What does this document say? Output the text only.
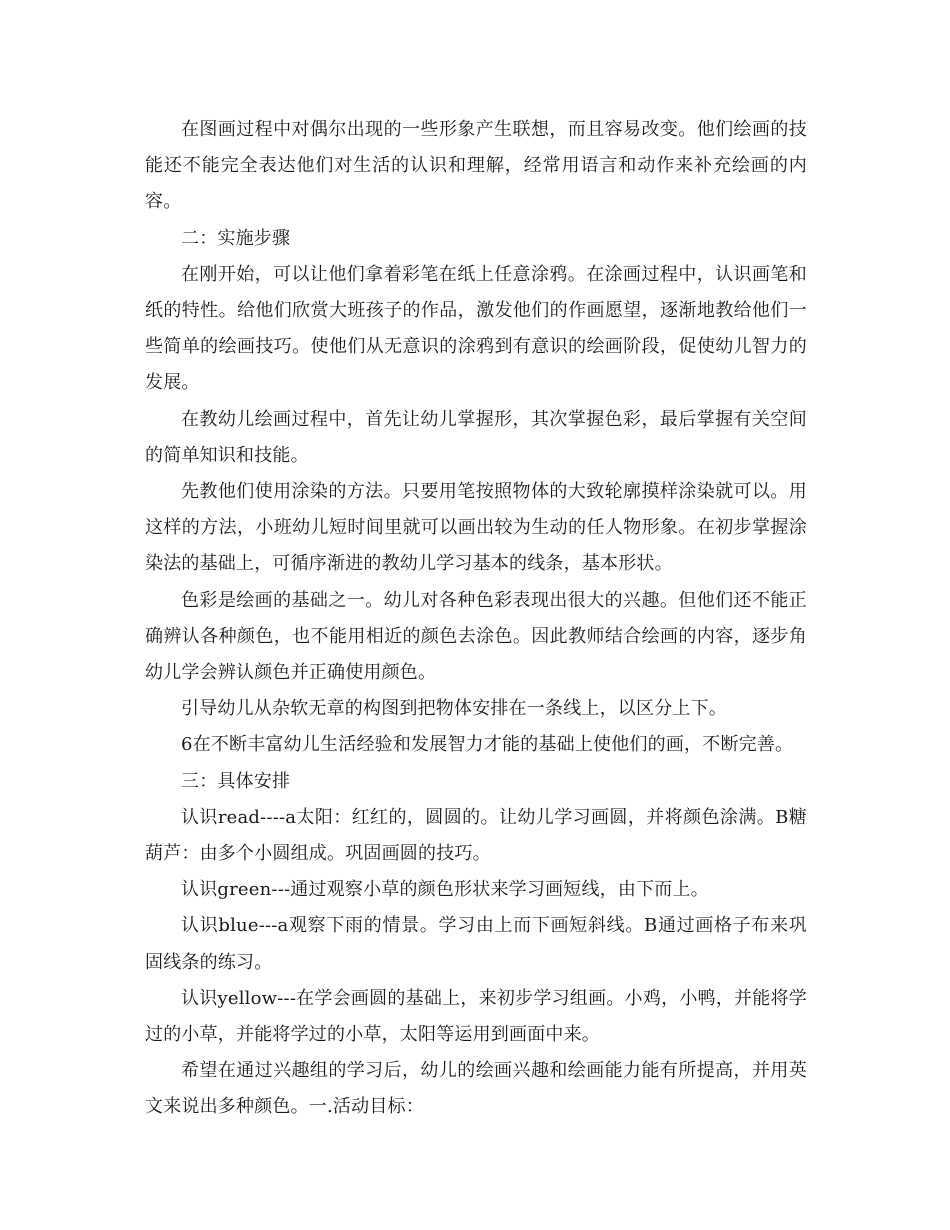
在图画过程中对偶尔出现的一些形象产生联想，而且容易改变。他们绘画的技能还不能完全表达他们对生活的认识和理解，经常用语言和动作来补充绘画的内容。

二：实施步骤

在刚开始，可以让他们拿着彩笔在纸上任意涂鸦。在涂画过程中，认识画笔和纸的特性。给他们欣赏大班孩子的作品，激发他们的作画愿望，逐渐地教给他们一些简单的绘画技巧。使他们从无意识的涂鸦到有意识的绘画阶段，促使幼儿智力的发展。

在教幼儿绘画过程中，首先让幼儿掌握形，其次掌握色彩，最后掌握有关空间的简单知识和技能。

先教他们使用涂染的方法。只要用笔按照物体的大致轮廓摸样涂染就可以。用这样的方法，小班幼儿短时间里就可以画出较为生动的任人物形象。在初步掌握涂染法的基础上，可循序渐进的教幼儿学习基本的线条，基本形状。

色彩是绘画的基础之一。幼儿对各种色彩表现出很大的兴趣。但他们还不能正确辨认各种颜色，也不能用相近的颜色去涂色。因此教师结合绘画的内容，逐步角幼儿学会辨认颜色并正确使用颜色。

引导幼儿从杂软无章的构图到把物体安排在一条线上，以区分上下。

6在不断丰富幼儿生活经验和发展智力才能的基础上使他们的画，不断完善。

三：具体安排

认识read----a太阳：红红的，圆圆的。让幼儿学习画圆，并将颜色涂满。B糖葫芦：由多个小圆组成。巩固画圆的技巧。

认识green---通过观察小草的颜色形状来学习画短线，由下而上。

认识blue---a观察下雨的情景。学习由上而下画短斜线。B通过画格子布来巩固线条的练习。

认识yellow---在学会画圆的基础上，来初步学习组画。小鸡，小鸭，并能将学过的小草，并能将学过的小草，太阳等运用到画面中来。

希望在通过兴趣组的学习后，幼儿的绘画兴趣和绘画能力能有所提高，并用英文来说出多种颜色。一.活动目标：
